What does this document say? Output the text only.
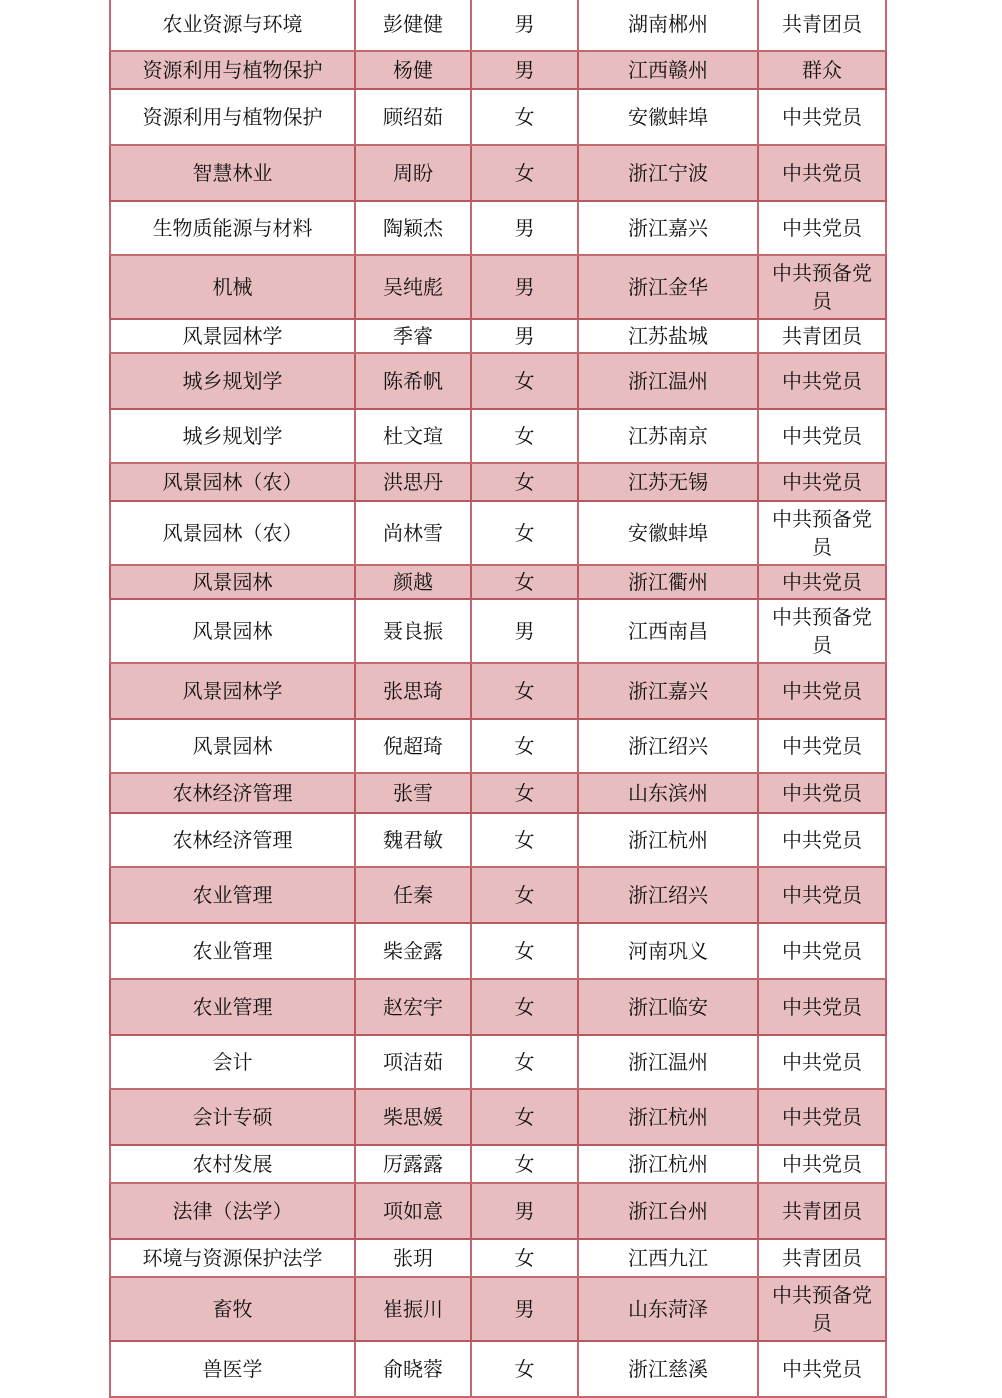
农业资源与环境	彭健健	男	湖南郴州	共青团员
资源利用与植物保护	杨健	男	江西赣州	群众
资源利用与植物保护	顾绍茹	女	安徽蚌埠	中共党员
智慧林业	周盼	女	浙江宁波	中共党员
生物质能源与材料	陶颖杰	男	浙江嘉兴	中共党员
机械	吴纯彪	男	浙江金华	中共预备党员
风景园林学	季睿	男	江苏盐城	共青团员
城乡规划学	陈希帆	女	浙江温州	中共党员
城乡规划学	杜文瑄	女	江苏南京	中共党员
风景园林（农）	洪思丹	女	江苏无锡	中共党员
风景园林（农）	尚林雪	女	安徽蚌埠	中共预备党员
风景园林	颜越	女	浙江衢州	中共党员
风景园林	聂良振	男	江西南昌	中共预备党员
风景园林学	张思琦	女	浙江嘉兴	中共党员
风景园林	倪超琦	女	浙江绍兴	中共党员
农林经济管理	张雪	女	山东滨州	中共党员
农林经济管理	魏君敏	女	浙江杭州	中共党员
农业管理	任秦	女	浙江绍兴	中共党员
农业管理	柴金露	女	河南巩义	中共党员
农业管理	赵宏宇	女	浙江临安	中共党员
会计	项洁茹	女	浙江温州	中共党员
会计专硕	柴思媛	女	浙江杭州	中共党员
农村发展	厉露露	女	浙江杭州	中共党员
法律（法学）	项如意	男	浙江台州	共青团员
环境与资源保护法学	张玥	女	江西九江	共青团员
畜牧	崔振川	男	山东菏泽	中共预备党员
兽医学	俞晓蓉	女	浙江慈溪	中共党员
